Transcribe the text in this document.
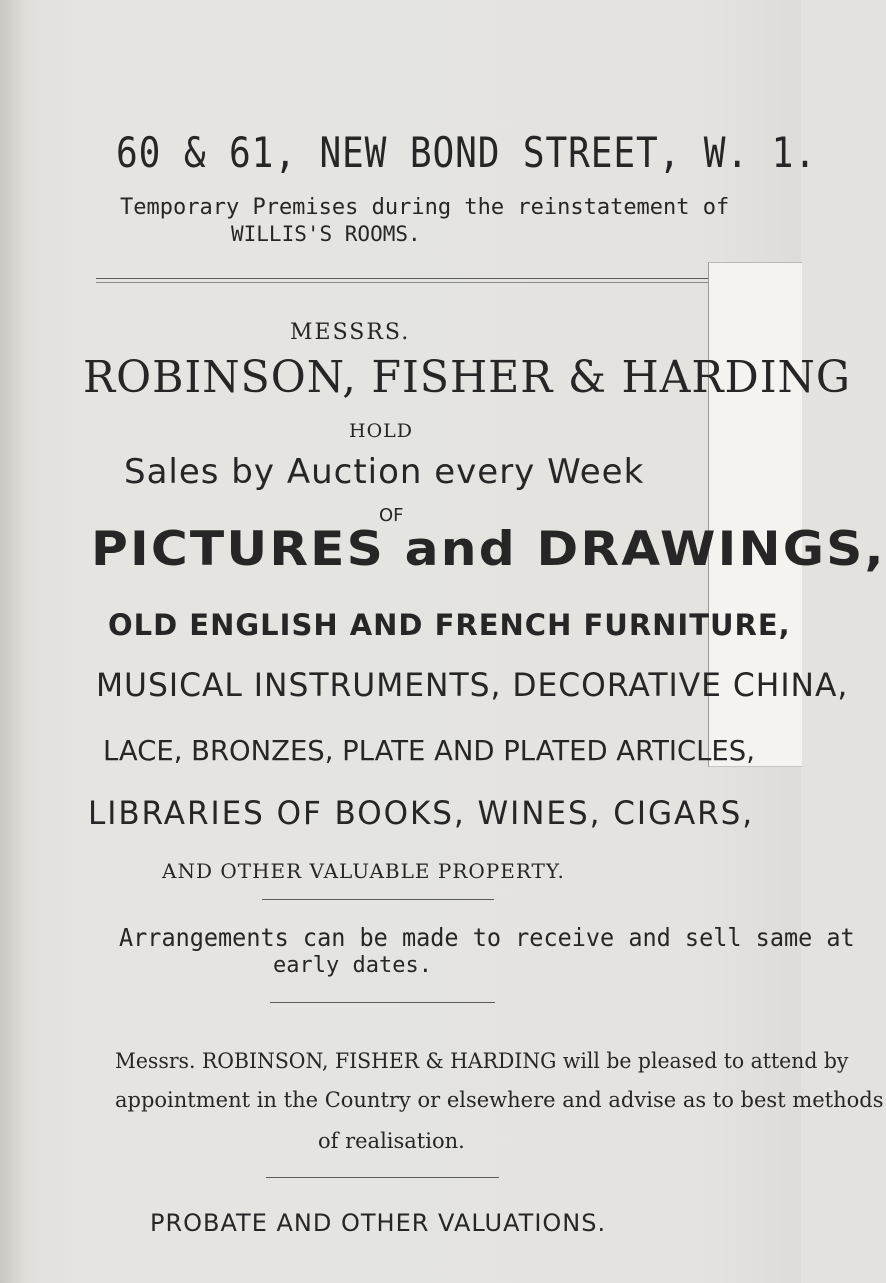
60 & 61, NEW BOND STREET, W. 1.

Temporary Premises during the reinstatement of

WILLIS'S ROOMS.

MESSRS.

ROBINSON, FISHER & HARDING

HOLD

Sales by Auction every Week

OF

PICTURES and DRAWINGS,

OLD ENGLISH AND FRENCH FURNITURE,

MUSICAL INSTRUMENTS, DECORATIVE CHINA,

LACE, BRONZES, PLATE AND PLATED ARTICLES,

LIBRARIES OF BOOKS, WINES, CIGARS,

AND OTHER VALUABLE PROPERTY.

Arrangements can be made to receive and sell same at

early dates.

Messrs. ROBINSON, FISHER & HARDING will be pleased to attend by

appointment in the Country or elsewhere and advise as to best methods

of realisation.

PROBATE AND OTHER VALUATIONS.
